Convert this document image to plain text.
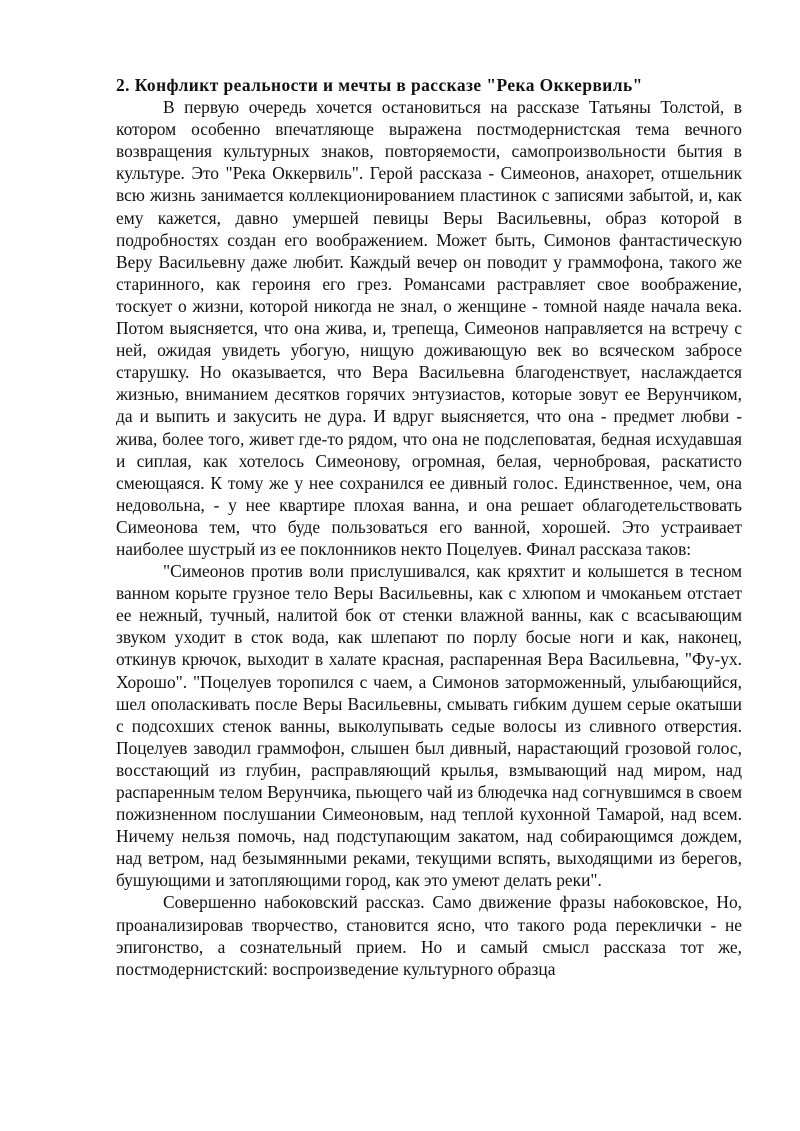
2. Конфликт реальности и мечты в рассказе "Река Оккервиль"

В первую очередь хочется остановиться на рассказе Татьяны Толстой, в котором особенно впечатляюще выражена постмодернистская тема вечного возвращения культурных знаков, повторяемости, самопроизвольности бытия в культуре. Это "Река Оккервиль". Герой рассказа - Симеонов, анахорет, отшельник всю жизнь занимается коллекционированием пластинок с записями забытой, и, как ему кажется, давно умершей певицы Веры Васильевны, образ которой в подробностях создан его воображением. Может быть, Симонов фантастическую Веру Васильевну даже любит. Каждый вечер он поводит у граммофона, такого же старинного, как героиня его грез. Романсами растравляет свое воображение, тоскует о жизни, которой никогда не знал, о женщине - томной наяде начала века. Потом выясняется, что она жива, и, трепеща, Симеонов направляется на встречу с ней, ожидая увидеть убогую, нищую доживающую век во всяческом забросе старушку. Но оказывается, что Вера Васильевна благоденствует, наслаждается жизнью, вниманием десятков горячих энтузиастов, которые зовут ее Верунчиком, да и выпить и закусить не дура. И вдруг выясняется, что она - предмет любви - жива, более того, живет где-то рядом, что она не подслеповатая, бедная исхудавшая и сиплая, как хотелось Симеонову, огромная, белая, чернобровая, раскатисто смеющаяся. К тому же у нее сохранился ее дивный голос. Единственное, чем, она недовольна, - у нее квартире плохая ванна, и она решает облагодетельствовать Симеонова тем, что буде пользоваться его ванной, хорошей. Это устраивает наиболее шустрый из ее поклонников некто Поцелуев. Финал рассказа таков:

"Симеонов против воли прислушивался, как кряхтит и колышется в тесном ванном корыте грузное тело Веры Васильевны, как с хлюпом и чмоканьем отстает ее нежный, тучный, налитой бок от стенки влажной ванны, как с всасывающим звуком уходит в сток вода, как шлепают по порлу босые ноги и как, наконец, откинув крючок, выходит в халате красная, распаренная Вера Васильевна, "Фу-ух. Хорошо". "Поцелуев торопился с чаем, а Симонов заторможенный, улыбающийся, шел ополаскивать после Веры Васильевны, смывать гибким душем серые окатыши с подсохших стенок ванны, выколупывать седые волосы из сливного отверстия. Поцелуев заводил граммофон, слышен был дивный, нарастающий грозовой голос, восстающий из глубин, расправляющий крылья, взмывающий над миром, над распаренным телом Верунчика, пьющего чай из блюдечка над согнувшимся в своем пожизненном послушании Симеоновым, над теплой кухонной Тамарой, над всем. Ничему нельзя помочь, над подступающим закатом, над собирающимся дождем, над ветром, над безымянными реками, текущими вспять, выходящими из берегов, бушующими и затопляющими город, как это умеют делать реки".

Совершенно набоковский рассказ. Само движение фразы набоковское, Но, проанализировав творчество, становится ясно, что такого рода переклички - не эпигонство, а сознательный прием. Но и самый смысл рассказа тот же, постмодернистский: воспроизведение культурного образца
